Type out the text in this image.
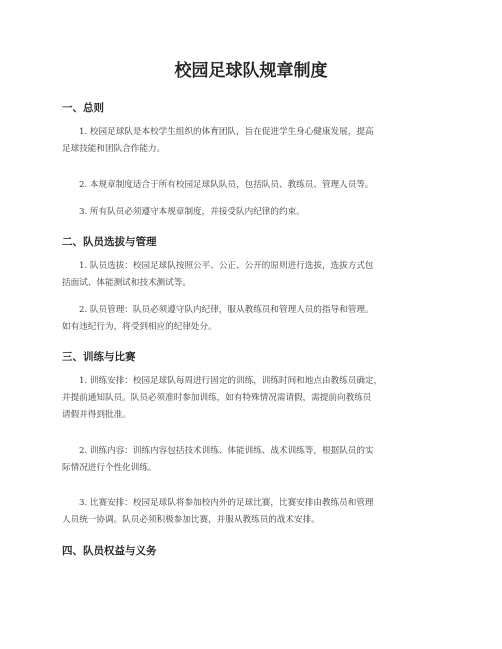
校园足球队规章制度
一、总则

1. 校园足球队是本校学生组织的体育团队，旨在促进学生身心健康发展，提高
足球技能和团队合作能力。

2. 本规章制度适合于所有校园足球队队员，包括队员、教练员、管理人员等。

3. 所有队员必须遵守本规章制度，并接受队内纪律的约束。

二、队员选拔与管理

1. 队员选拔：校园足球队按照公平、公正、公开的原则进行选拔，选拔方式包
括面试、体能测试和技术测试等。

2. 队员管理：队员必须遵守队内纪律，服从教练员和管理人员的指导和管理。
如有违纪行为，将受到相应的纪律处分。

三、训练与比赛

1. 训练安排：校园足球队每周进行固定的训练，训练时间和地点由教练员确定，
并提前通知队员。队员必须准时参加训练，如有特殊情况需请假，需提前向教练员
请假并得到批准。

2. 训练内容：训练内容包括技术训练、体能训练、战术训练等，根据队员的实
际情况进行个性化训练。

3. 比赛安排：校园足球队将参加校内外的足球比赛，比赛安排由教练员和管理
人员统一协调。队员必须积极参加比赛，并服从教练员的战术安排。

四、队员权益与义务
